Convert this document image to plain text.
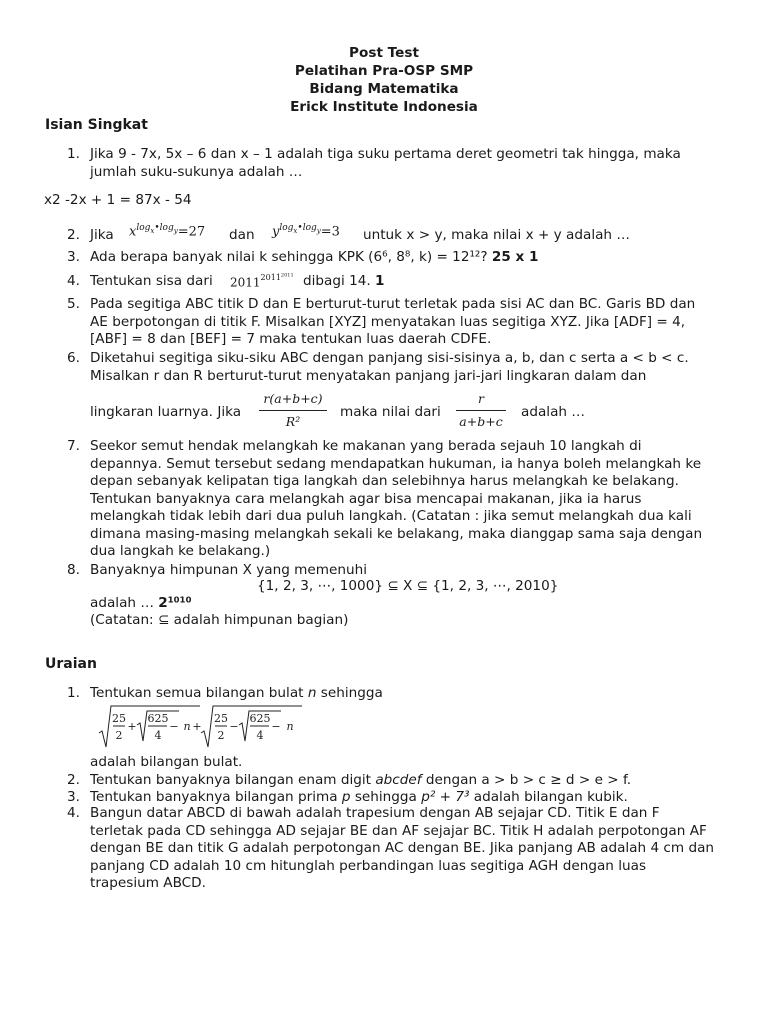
Post Test
Pelatihan Pra-OSP SMP
Bidang Matematika
Erick Institute Indonesia
Isian Singkat
1. Jika 9 - 7x, 5x – 6 dan x – 1 adalah tiga suku pertama deret geometri tak hingga, maka jumlah suku-sukunya adalah …
x2 -2x + 1 = 87x - 54
2. Jika $x^{log_x•log_y}=27$ dan $y^{log_x•log_y}=3$ untuk x > y, maka nilai x + y adalah …
3. Ada berapa banyak nilai k sehingga KPK (6⁶, 8⁸, k) = 12¹²? 25 x 1
4. Tentukan sisa dari $2011^{2011^{2011}}$ dibagi 14. 1
5. Pada segitiga ABC titik D dan E berturut-turut terletak pada sisi AC dan BC. Garis BD dan AE berpotongan di titik F. Misalkan [XYZ] menyatakan luas segitiga XYZ. Jika [ADF] = 4, [ABF] = 8 dan [BEF] = 7 maka tentukan luas daerah CDFE.
6. Diketahui segitiga siku-siku ABC dengan panjang sisi-sisinya a, b, dan c serta a < b < c. Misalkan r dan R berturut-turut menyatakan panjang jari-jari lingkaran dalam dan
lingkaran luarnya. Jika
r(a+b+c)
R²
maka nilai dari
r
a+b+c
adalah …
7. Seekor semut hendak melangkah ke makanan yang berada sejauh 10 langkah di depannya. Semut tersebut sedang mendapatkan hukuman, ia hanya boleh melangkah ke depan sebanyak kelipatan tiga langkah dan selebihnya harus melangkah ke belakang. Tentukan banyaknya cara melangkah agar bisa mencapai makanan, jika ia harus melangkah tidak lebih dari dua puluh langkah. (Catatan : jika semut melangkah dua kali dimana masing-masing melangkah sekali ke belakang, maka dianggap sama saja dengan dua langkah ke belakang.)
8. Banyaknya himpunan X yang memenuhi
{1, 2, 3, ⋯, 1000} ⊆ X ⊆ {1, 2, 3, ⋯, 2010}
adalah … 2¹⁰¹⁰
(Catatan: ⊆ adalah himpunan bagian)
Uraian
1. Tentukan semua bilangan bulat n sehingga
25
2
+
625
4
− n +
25
2
−
625
4
− n
adalah bilangan bulat.
2. Tentukan banyaknya bilangan enam digit abcdef dengan a > b > c ≥ d > e > f.
3. Tentukan banyaknya bilangan prima p sehingga p² + 7³ adalah bilangan kubik.
4. Bangun datar ABCD di bawah adalah trapesium dengan AB sejajar CD. Titik E dan F terletak pada CD sehingga AD sejajar BE dan AF sejajar BC. Titik H adalah perpotongan AF dengan BE dan titik G adalah perpotongan AC dengan BE. Jika panjang AB adalah 4 cm dan panjang CD adalah 10 cm hitunglah perbandingan luas segitiga AGH dengan luas trapesium ABCD.
